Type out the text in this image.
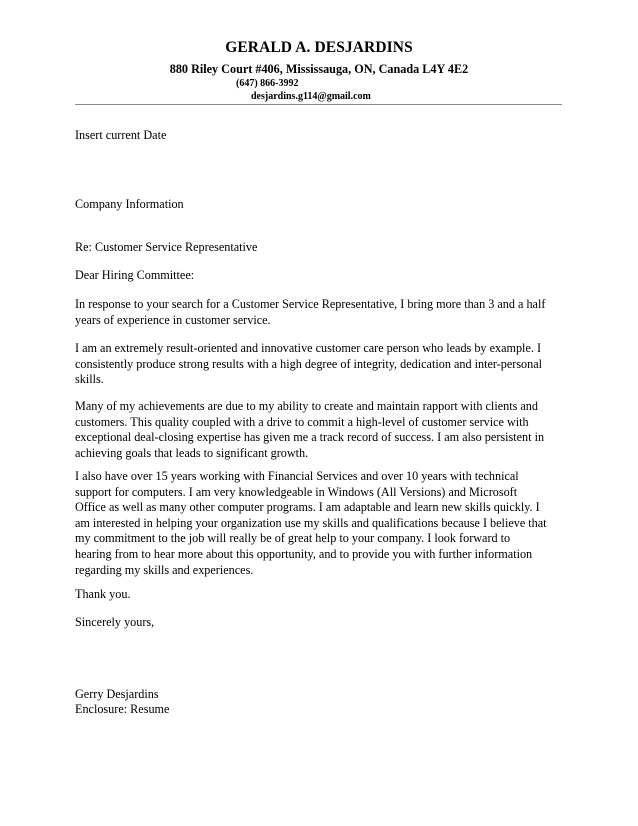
GERALD A. DESJARDINS
880 Riley Court #406, Mississauga, ON, Canada L4Y 4E2
(647) 866-3992
desjardins.g114@gmail.com
Insert current Date
Company Information
Re: Customer Service Representative
Dear Hiring Committee:
In response to your search for a Customer Service Representative, I bring more than 3 and a half
years of experience in customer service.
I am an extremely result-oriented and innovative customer care person who leads by example. I
consistently produce strong results with a high degree of integrity, dedication and inter-personal
skills.
Many of my achievements are due to my ability to create and maintain rapport with clients and
customers. This quality coupled with a drive to commit a high-level of customer service with
exceptional deal-closing expertise has given me a track record of success. I am also persistent in
achieving goals that leads to significant growth.
I also have over 15 years working with Financial Services and over 10 years with technical
support for computers. I am very knowledgeable in Windows (All Versions) and Microsoft
Office as well as many other computer programs. I am adaptable and learn new skills quickly. I
am interested in helping your organization use my skills and qualifications because I believe that
my commitment to the job will really be of great help to your company. I look forward to
hearing from to hear more about this opportunity, and to provide you with further information
regarding my skills and experiences.
Thank you.
Sincerely yours,
Gerry Desjardins
Enclosure: Resume
